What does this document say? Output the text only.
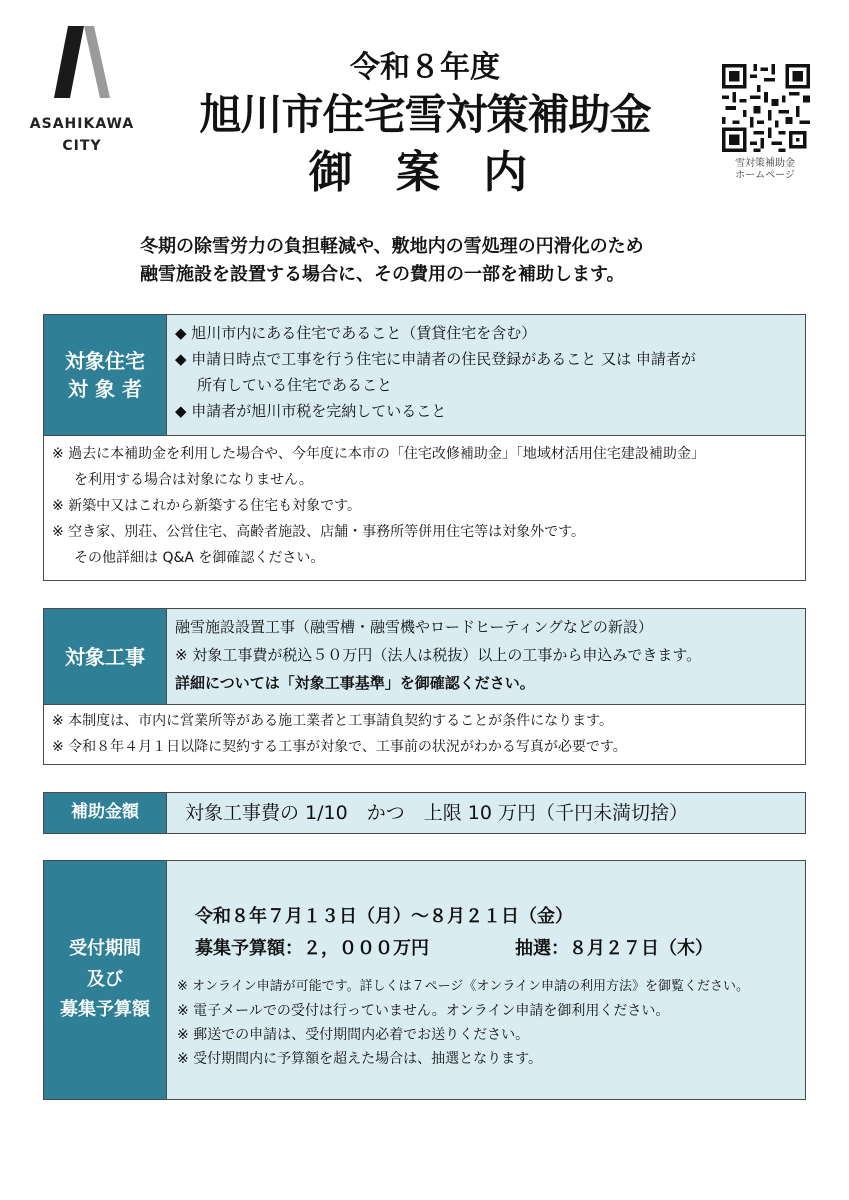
ASAHIKAWA
CITY
令和８年度
旭川市住宅雪対策補助金
御 案 内	雪対策補助金
ホームページ
冬期の除雪労力の負担軽減や、敷地内の雪処理の円滑化のため
融雪施設を設置する場合に、その費用の一部を補助します。
対象住宅
対 象 者
◆ 旭川市内にある住宅であること（賃貸住宅を含む）
◆ 申請日時点で工事を行う住宅に申請者の住民登録があること 又は 申請者が
所有している住宅であること
◆ 申請者が旭川市税を完納していること
※ 過去に本補助金を利用した場合や、今年度に本市の「住宅改修補助金」「地域材活用住宅建設補助金」
を利用する場合は対象になりません。
※ 新築中又はこれから新築する住宅も対象です。
※ 空き家、別荘、公営住宅、高齢者施設、店舗・事務所等併用住宅等は対象外です。
その他詳細は Q&A を御確認ください。
対象工事
融雪施設設置工事（融雪槽・融雪機やロードヒーティングなどの新設）
※ 対象工事費が税込５０万円（法人は税抜）以上の工事から申込みできます。
詳細については「対象工事基準」を御確認ください。
※ 本制度は、市内に営業所等がある施工業者と工事請負契約することが条件になります。
※ 令和８年４月１日以降に契約する工事が対象で、工事前の状況がわかる写真が必要です。
補助金額 対象工事費の 1/10　かつ　上限 10 万円（千円未満切捨）
受付期間
及び
募集予算額
令和８年７月１３日（月）～８月２１日（金）
募集予算額：２，０００万円	抽選：８月２７日（木）
※ オンライン申請が可能です。詳しくは７ページ《オンライン申請の利用方法》を御覧ください。
※ 電子メールでの受付は行っていません。オンライン申請を御利用ください。
※ 郵送での申請は、受付期間内必着でお送りください。
※ 受付期間内に予算額を超えた場合は、抽選となります。
